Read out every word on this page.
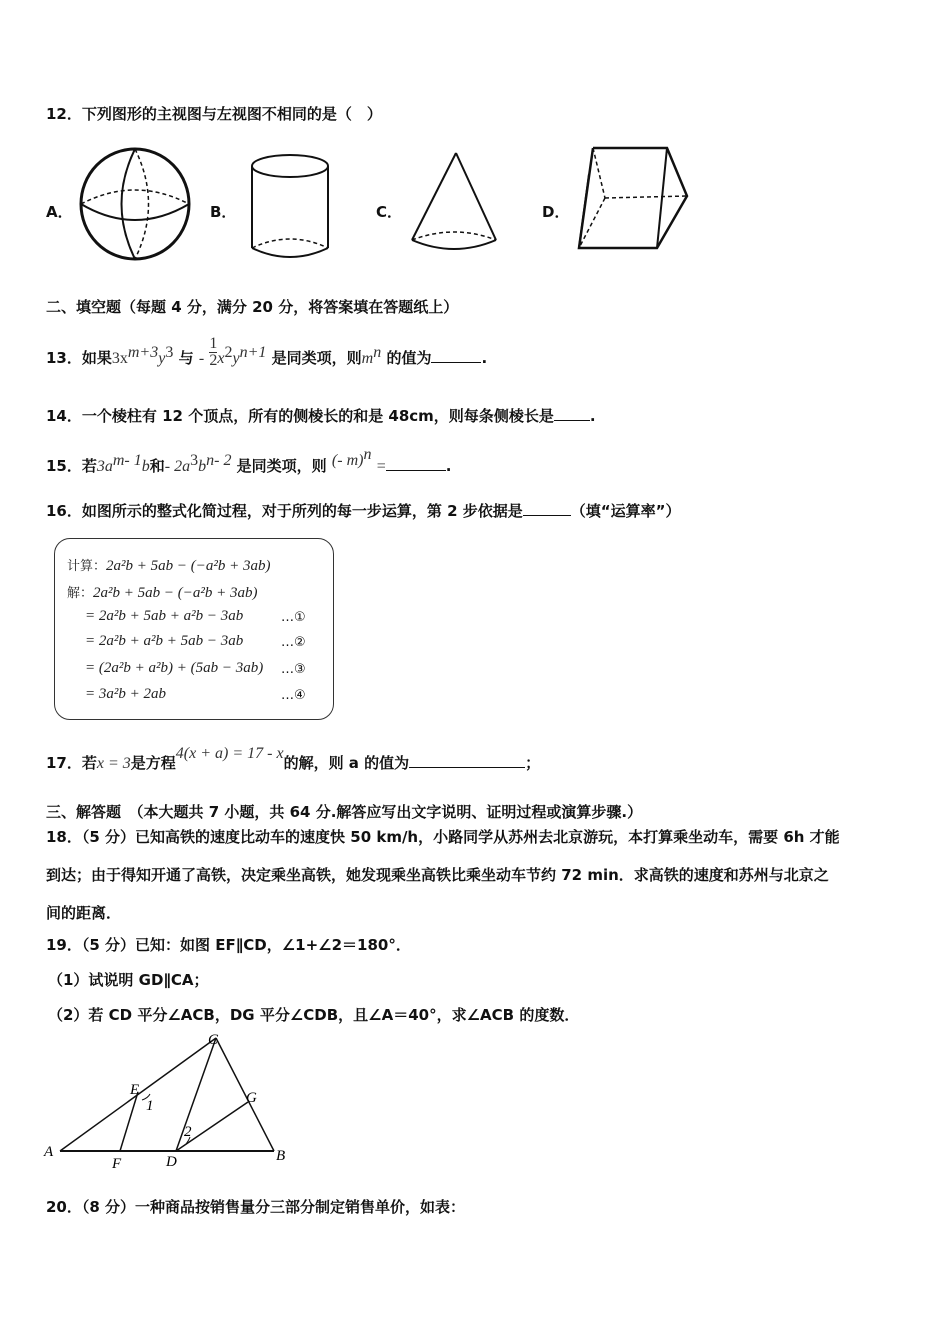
12．下列图形的主视图与左视图不相同的是（　）
A．	B．	C．	D．
二、填空题（每题 4 分，满分 20 分，将答案填在答题纸上）
13．如果$3x^{m+3}y^3$ 与 - $\frac{1}{2} x^2y^{n+1}$ 是同类项，则$m^n$ 的值为	.
14．一个棱柱有 12 个顶点，所有的侧棱长的和是 48cm，则每条侧棱长是 .
15．若$3a^{m- 1}b$和- $2a^3b^{n- 2}$ 是同类项，则 (- m)$^n$ =	.
16．如图所示的整式化简过程，对于所列的每一步运算，第 2 步依据是	（填“运算率”）
计算：2a²b + 5ab − (−a²b + 3ab)
解：2a²b + 5ab − (−a²b + 3ab)
= 2a²b + 5ab + a²b − 3ab	…①
= 2a²b + a²b + 5ab − 3ab	…②
= (2a²b + a²b) + (5ab − 3ab) …③
= 3a²b + 2ab	…④
17．若x = 3是方程4(x + a) = 17 - x的解，则 a 的值为	；
三、解答题　（本大题共 7 小题，共 64 分.解答应写出文字说明、证明过程或演算步骤.）
18．（5 分）已知高铁的速度比动车的速度快 50 km/h，小路同学从苏州去北京游玩，本打算乘坐动车，需要 6h 才能
到达；由于得知开通了高铁，决定乘坐高铁，她发现乘坐高铁比乘坐动车节约 72 min．求高铁的速度和苏州与北京之
间的距离．
19．（5 分）已知：如图 EF∥CD，∠1+∠2＝180°．
（1）试说明 GD∥CA；
（2）若 CD 平分∠ACB，DG 平分∠CDB，且∠A＝40°，求∠ACB 的度数．
A	B
C
D
E
F
G
1
2
20．（8 分）一种商品按销售量分三部分制定销售单价，如表：
